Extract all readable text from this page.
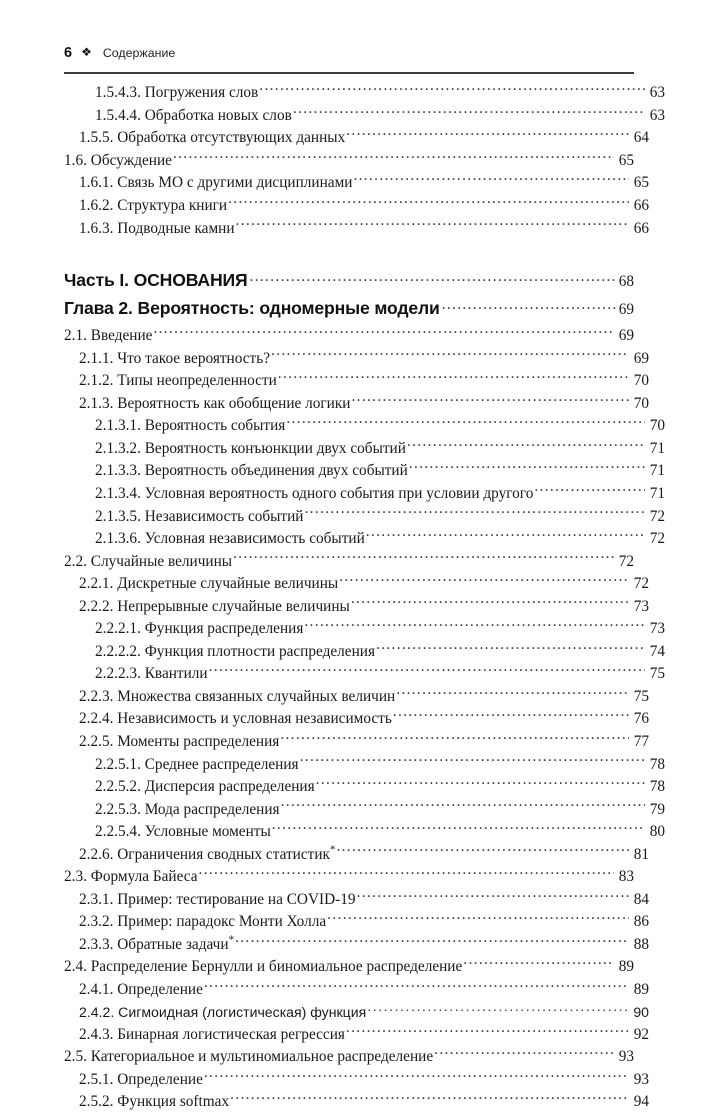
6 ❖ Содержание
1.5.4.3. Погружения слов .....	63
1.5.4.4. Обработка новых слов .....	63
1.5.5. Обработка отсутствующих данных .....	64
1.6. Обсуждение .....	65
1.6.1. Связь МО с другими дисциплинами .....	65
1.6.2. Структура книги .....	66
1.6.3. Подводные камни .....	66
Часть I. ОСНОВАНИЯ .....	68
Глава 2. Вероятность: одномерные модели .....	69
2.1. Введение .....	69
2.1.1. Что такое вероятность? .....	69
2.1.2. Типы неопределенности .....	70
2.1.3. Вероятность как обобщение логики .....	70
2.1.3.1. Вероятность события .....	70
2.1.3.2. Вероятность конъюнкции двух событий .....	71
2.1.3.3. Вероятность объединения двух событий .....	71
2.1.3.4. Условная вероятность одного события при условии другого .....	71
2.1.3.5. Независимость событий .....	72
2.1.3.6. Условная независимость событий .....	72
2.2. Случайные величины .....	72
2.2.1. Дискретные случайные величины .....	72
2.2.2. Непрерывные случайные величины .....	73
2.2.2.1. Функция распределения .....	73
2.2.2.2. Функция плотности распределения .....	74
2.2.2.3. Квантили .....	75
2.2.3. Множества связанных случайных величин .....	75
2.2.4. Независимость и условная независимость .....	76
2.2.5. Моменты распределения .....	77
2.2.5.1. Среднее распределения .....	78
2.2.5.2. Дисперсия распределения .....	78
2.2.5.3. Мода распределения .....	79
2.2.5.4. Условные моменты .....	80
2.2.6. Ограничения сводных статистик* .....	81
2.3. Формула Байеса .....	83
2.3.1. Пример: тестирование на COVID-19 .....	84
2.3.2. Пример: парадокс Монти Холла .....	86
2.3.3. Обратные задачи* .....	88
2.4. Распределение Бернулли и биномиальное распределение .....	89
2.4.1. Определение .....	89
2.4.2. Сигмоидная (логистическая) функция .....	90
2.4.3. Бинарная логистическая регрессия .....	92
2.5. Категориальное и мультиномиальное распределение .....	93
2.5.1. Определение .....	93
2.5.2. Функция softmax .....	94
